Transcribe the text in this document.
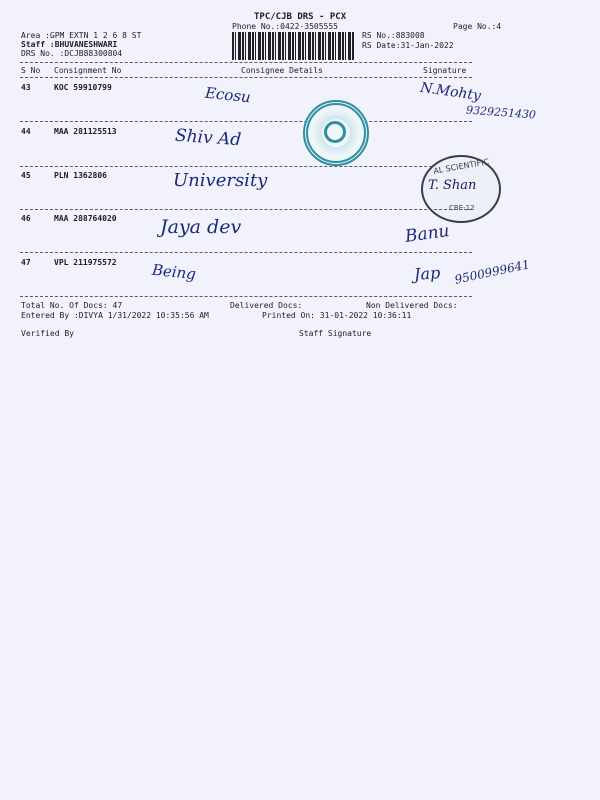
TPC/CJB DRS - PCX
Phone No.:0422-3505555	Page No.:4
Area :GPM EXTN 1 2 6 8 ST
Staff :BHUVANESHWARI
DRS No. :DCJB88300804
RS No.:883008
RS Date:31-Jan-2022
S No Consignment No	Consignee Details	Signature
43	KOC 59910799	Ecosu	N.Mohty
9329251430
44	MAA 281125513	Shiv Ad
45	PLN 1362806	University
AL SCIENTIFIC
CBE-12
T. Shan
46	MAA 288764020 Jaya dev	Banu
47	VPL 211975572 Being	Jap 9500999641
Total No. Of Docs: 47	Delivered Docs:	Non Delivered Docs:
Entered By :DIVYA 1/31/2022 10:35:56 AM	Printed On: 31-01-2022 10:36:11
Verified By	Staff Signature
